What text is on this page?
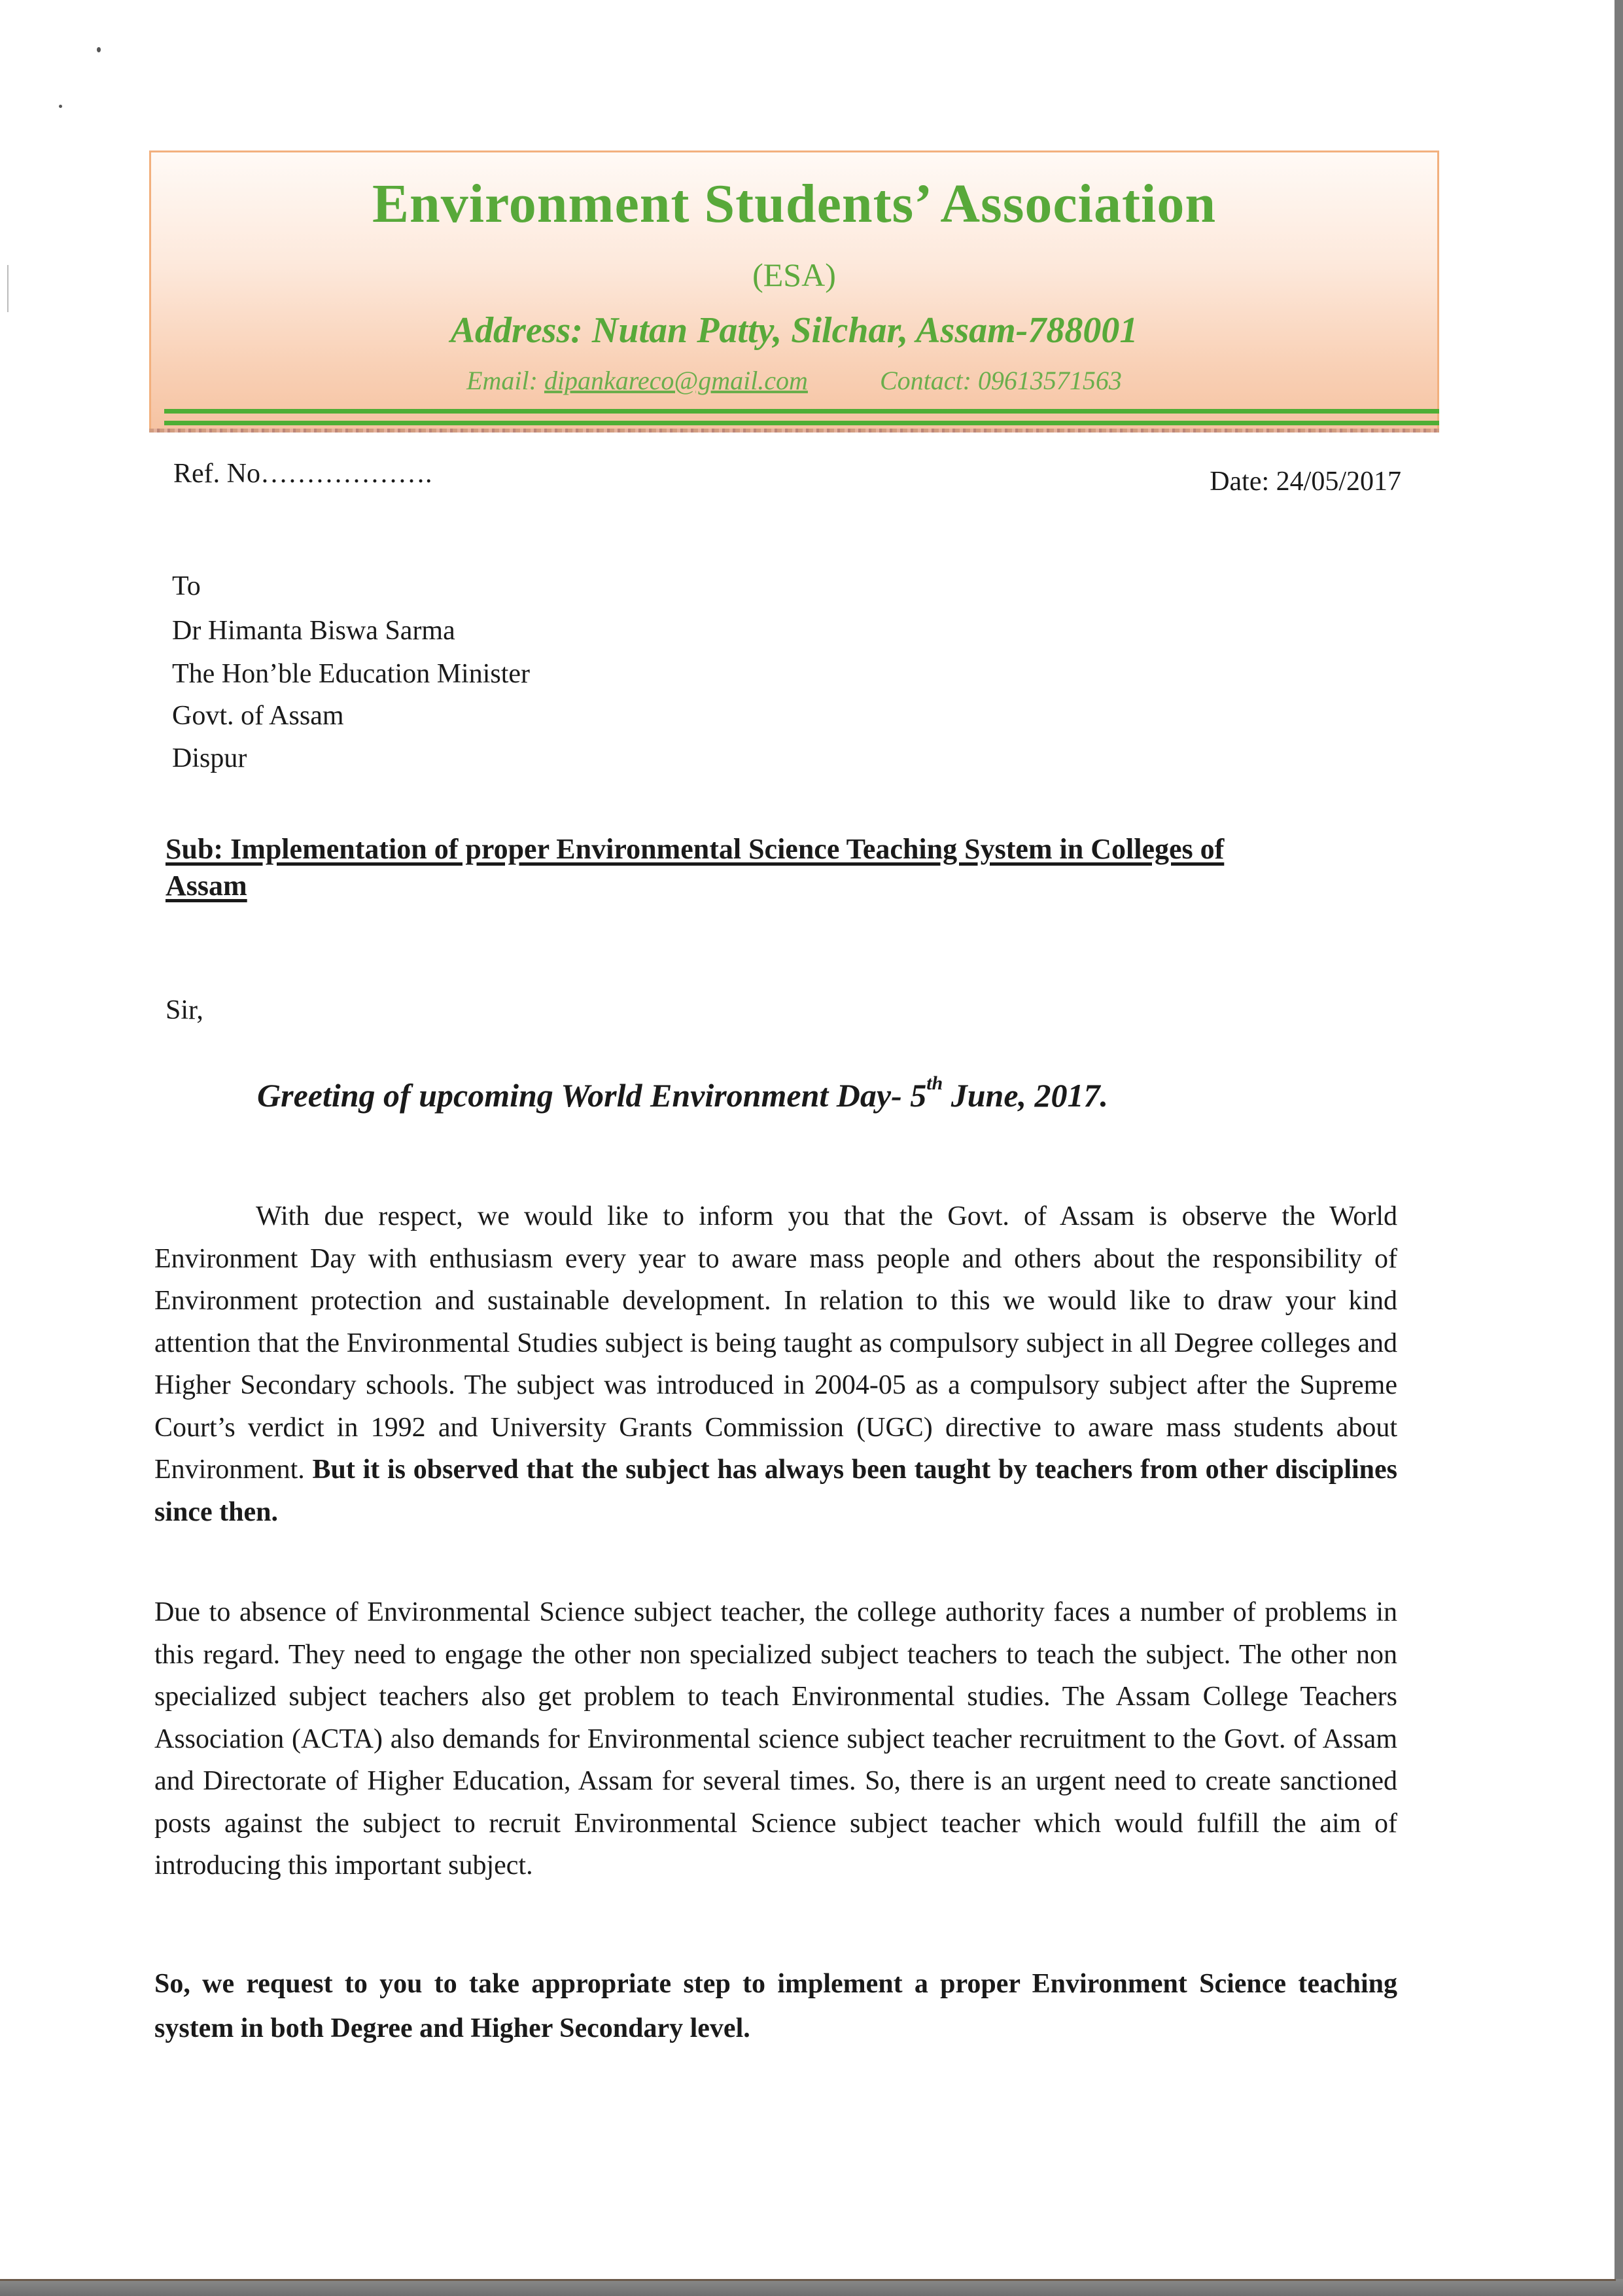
Environment Students’ Association
(ESA)
Address: Nutan Patty, Silchar, Assam-788001
Email: dipankareco@gmail.com	Contact: 09613571563
Ref. No……………….	Date: 24/05/2017
To
Dr Himanta Biswa Sarma
The Hon’ble Education Minister
Govt. of Assam
Dispur
Sub: Implementation of proper Environmental Science Teaching System in Colleges of
Assam
Sir,
Greeting of upcoming World Environment Day- 5th June, 2017.
With due respect, we would like to inform you that the Govt. of Assam is observe the World Environment Day with enthusiasm every year to aware mass people and others about the responsibility of Environment protection and sustainable development. In relation to this we would like to draw your kind attention that the Environmental Studies subject is being taught as compulsory subject in all Degree colleges and Higher Secondary schools. The subject was introduced in 2004-05 as a compulsory subject after the Supreme Court’s verdict in 1992 and University Grants Commission (UGC) directive to aware mass students about Environment. But it is observed that the subject has always been taught by teachers from other disciplines since then.
Due to absence of Environmental Science subject teacher, the college authority faces a number of problems in this regard. They need to engage the other non specialized subject teachers to teach the subject. The other non specialized subject teachers also get problem to teach Environmental studies. The Assam College Teachers Association (ACTA) also demands for Environmental science subject teacher recruitment to the Govt. of Assam and Directorate of Higher Education, Assam for several times. So, there is an urgent need to create sanctioned posts against the subject to recruit Environmental Science subject teacher which would fulfill the aim of introducing this important subject.
So, we request to you to take appropriate step to implement a proper Environment Science teaching system in both Degree and Higher Secondary level.
